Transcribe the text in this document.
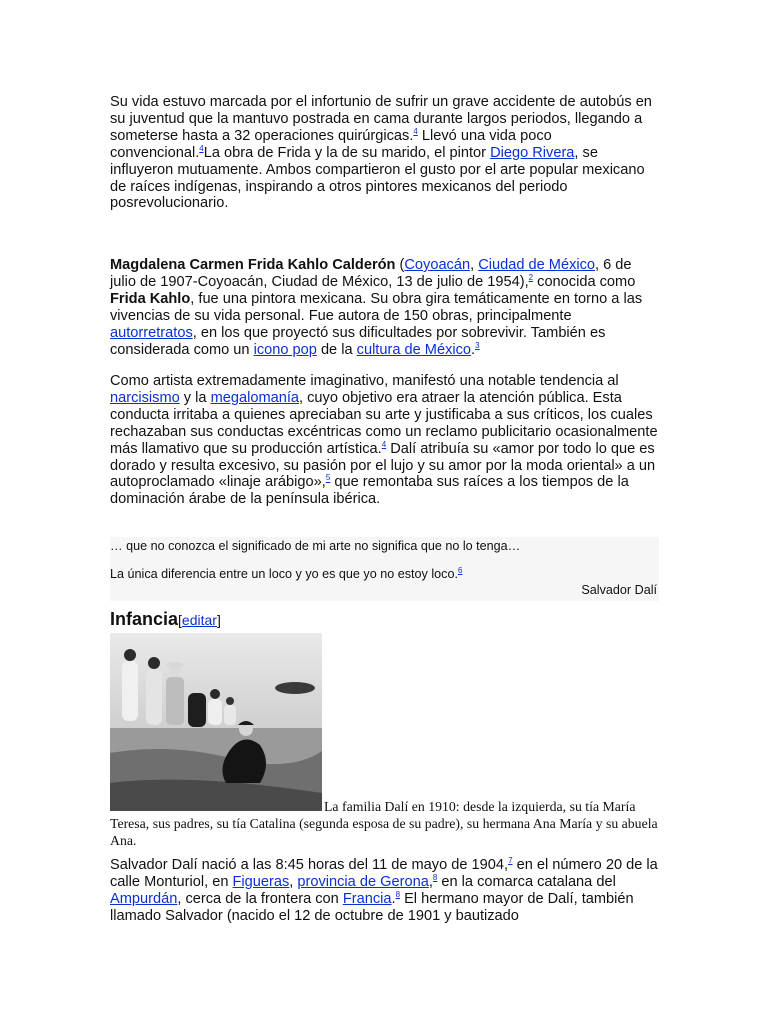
Su vida estuvo marcada por el infortunio de sufrir un grave accidente de autobús en su juventud que la mantuvo postrada en cama durante largos periodos, llegando a someterse hasta a 32 operaciones quirúrgicas.$^4$ Llevó una vida poco convencional.$^4$La obra de Frida y la de su marido, el pintor Diego Rivera, se influyeron mutuamente. Ambos compartieron el gusto por el arte popular mexicano de raíces indígenas, inspirando a otros pintores mexicanos del periodo posrevolucionario.

Magdalena Carmen Frida Kahlo Calderón (Coyoacán, Ciudad de México, 6 de julio de 1907-Coyoacán, Ciudad de México, 13 de julio de 1954),$^2$ conocida como Frida Kahlo, fue una pintora mexicana. Su obra gira temáticamente en torno a las vivencias de su vida personal. Fue autora de 150 obras, principalmente autorretratos, en los que proyectó sus dificultades por sobrevivir. También es considerada como un icono pop de la cultura de México.$^3$

Como artista extremadamente imaginativo, manifestó una notable tendencia al narcisismo y la megalomanía, cuyo objetivo era atraer la atención pública. Esta conducta irritaba a quienes apreciaban su arte y justificaba a sus críticos, los cuales rechazaban sus conductas excéntricas como un reclamo publicitario ocasionalmente más llamativo que su producción artística.$^4$ Dalí atribuía su «amor por todo lo que es dorado y resulta excesivo, su pasión por el lujo y su amor por la moda oriental» a un autoproclamado «linaje arábigo»,$^5$ que remontaba sus raíces a los tiempos de la dominación árabe de la península ibérica.

… que no conozca el significado de mi arte no significa que no lo tenga…
La única diferencia entre un loco y yo es que yo no estoy loco.$^6$
Salvador Dalí
Infancia[editar]

La familia Dalí en 1910: desde la izquierda, su tía María Teresa, sus padres, su tía Catalina (segunda esposa de su padre), su hermana Ana María y su abuela Ana.

Salvador Dalí nació a las 8:45 horas del 11 de mayo de 1904,$^7$ en el número 20 de la calle Monturiol, en Figueras, provincia de Gerona,$^8$ en la comarca catalana del Ampurdán, cerca de la frontera con Francia.$^8$ El hermano mayor de Dalí, también llamado Salvador (nacido el 12 de octubre de 1901 y bautizado
